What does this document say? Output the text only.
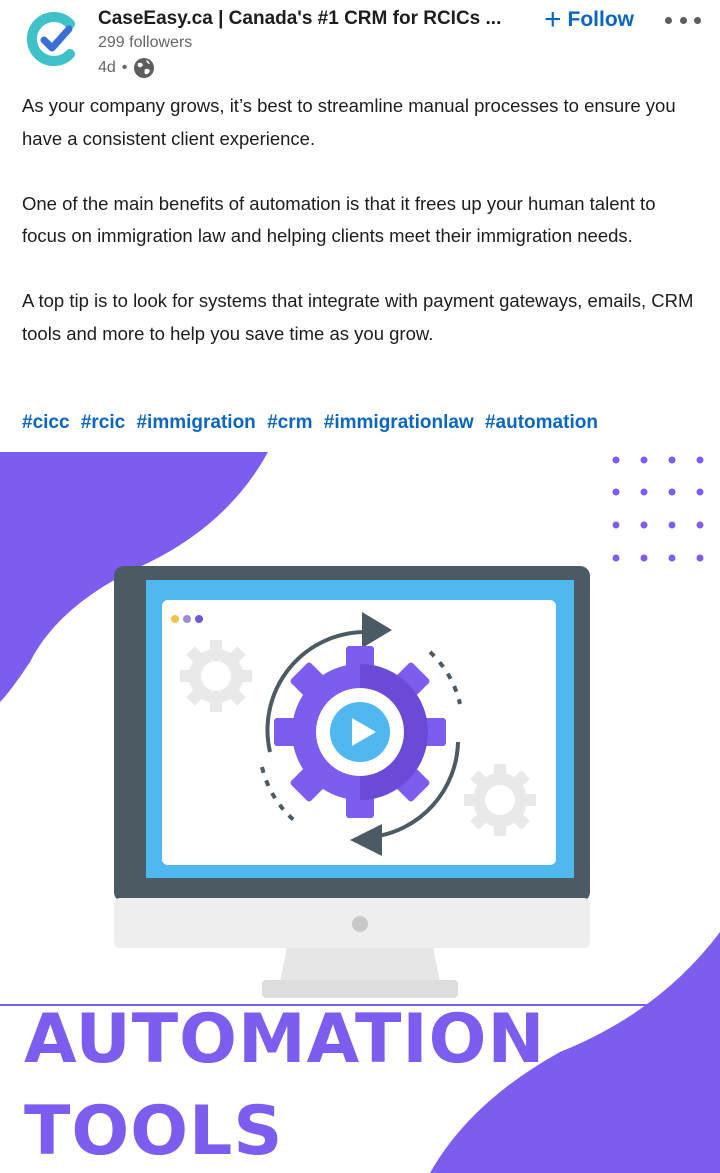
CaseEasy.ca | Canada's #1 CRM for RCICs ...
299 followers
4d •
+ Follow

As your company grows, it’s best to streamline manual processes to ensure you have a consistent client experience.

One of the main benefits of automation is that it frees up your human talent to focus on immigration law and helping clients meet their immigration needs.

A top tip is to look for systems that integrate with payment gateways, emails, CRM tools and more to help you save time as you grow.

#cicc #rcic #immigration #crm #immigrationlaw #automation
AUTOMATION
TOOLS
